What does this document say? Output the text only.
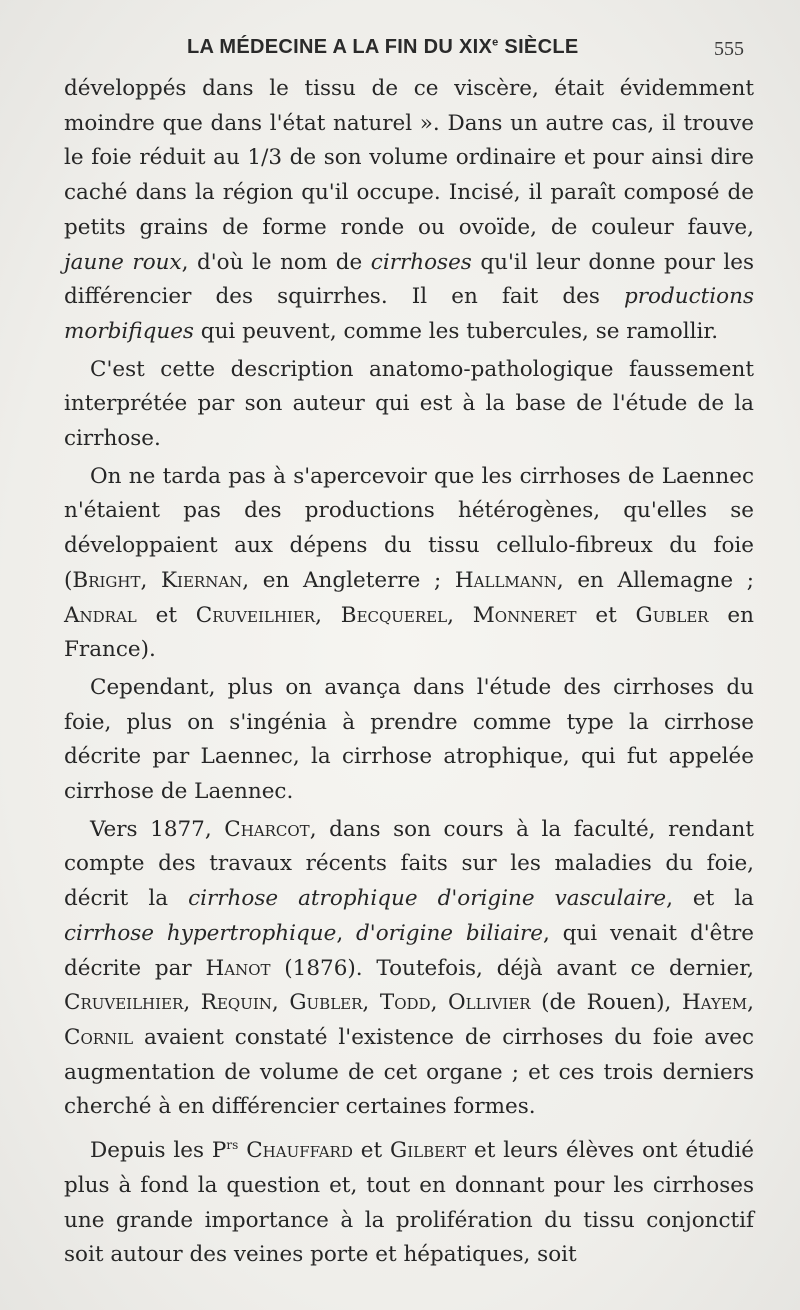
LA MÉDECINE A LA FIN DU XIXe SIÈCLE	555

développés dans le tissu de ce viscère, était évidemment moindre que dans l'état naturel ». Dans un autre cas, il trouve le foie réduit au 1/3 de son volume ordinaire et pour ainsi dire caché dans la région qu'il occupe. Incisé, il paraît composé de petits grains de forme ronde ou ovoïde, de couleur fauve, jaune roux, d'où le nom de cirrhoses qu'il leur donne pour les différencier des squirrhes. Il en fait des productions morbifiques qui peuvent, comme les tubercules, se ramollir.

C'est cette description anatomo-pathologique faussement interprétée par son auteur qui est à la base de l'étude de la cirrhose.

On ne tarda pas à s'apercevoir que les cirrhoses de Laennec n'étaient pas des productions hétérogènes, qu'elles se développaient aux dépens du tissu cellulo-fibreux du foie (Bright, Kiernan, en Angleterre ; Hallmann, en Allemagne ; Andral et Cruveilhier, Becquerel, Monneret et Gubler en France).

Cependant, plus on avança dans l'étude des cirrhoses du foie, plus on s'ingénia à prendre comme type la cirrhose décrite par Laennec, la cirrhose atrophique, qui fut appelée cirrhose de Laennec.

Vers 1877, Charcot, dans son cours à la faculté, rendant compte des travaux récents faits sur les maladies du foie, décrit la cirrhose atrophique d'origine vasculaire, et la cirrhose hypertrophique, d'origine biliaire, qui venait d'être décrite par Hanot (1876). Toutefois, déjà avant ce dernier, Cruveilhier, Requin, Gubler, Todd, Ollivier (de Rouen), Hayem, Cornil avaient constaté l'existence de cirrhoses du foie avec augmentation de volume de cet organe ; et ces trois derniers cherché à en différencier certaines formes.

Depuis les $P^{rs}$ Chauffard et Gilbert et leurs élèves ont étudié plus à fond la question et, tout en donnant pour les cirrhoses une grande importance à la prolifération du tissu conjonctif soit autour des veines porte et hépatiques, soit
